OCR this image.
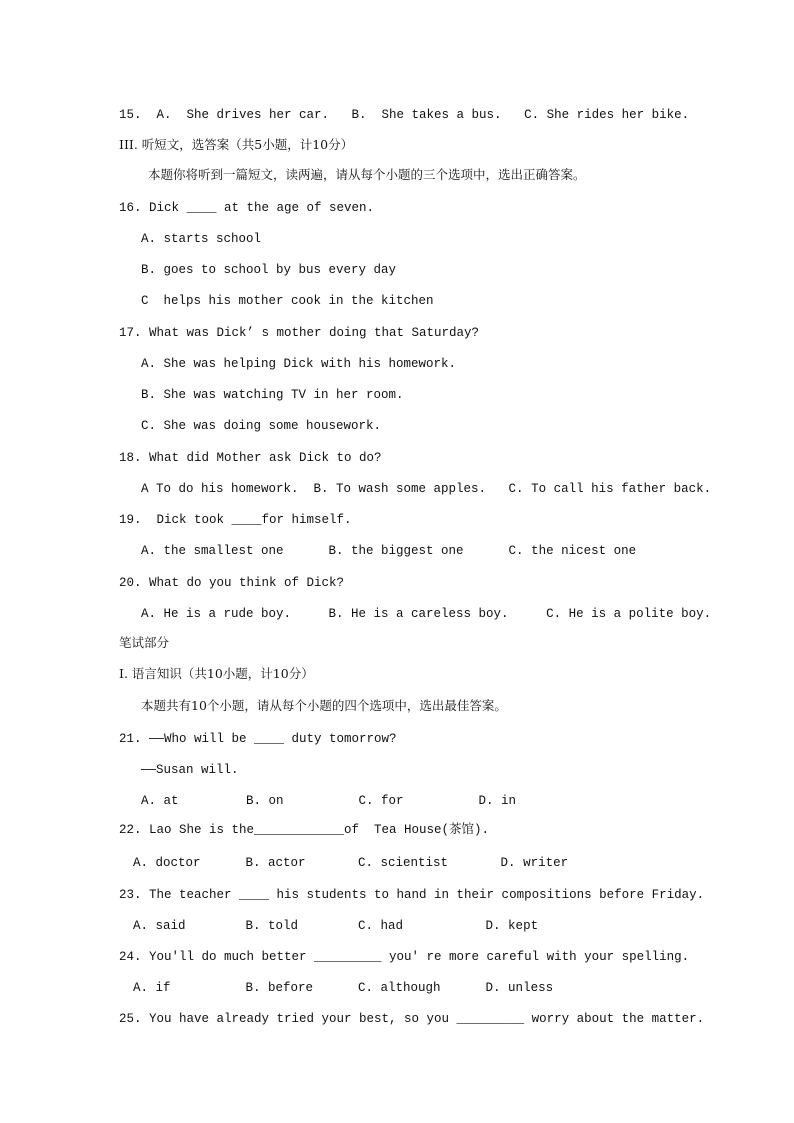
15.  A.  She drives her car.   B.  She takes a bus.   C. She rides her bike.
III. 听短文，选答案（共5小题，计10分）
本题你将听到一篇短文，读两遍，请从每个小题的三个选项中，选出正确答案。
16. Dick ____ at the age of seven.
A. starts school
B. goes to school by bus every day
C  helps his mother cook in the kitchen
17. What was Dick’ s mother doing that Saturday?
A. She was helping Dick with his homework.
B. She was watching TV in her room.
C. She was doing some housework.
18. What did Mother ask Dick to do?
A To do his homework.  B. To wash some apples.   C. To call his father back.
19.  Dick took ____for himself.
A. the smallest one      B. the biggest one      C. the nicest one
20. What do you think of Dick?
A. He is a rude boy.     B. He is a careless boy.     C. He is a polite boy.
笔试部分
I. 语言知识（共10小题，计10分）
本题共有10个小题，请从每个小题的四个选项中，选出最佳答案。
21. ——Who will be ____ duty tomorrow?
——Susan will.
A. at         B. on          C. for          D. in
22. Lao She is the____________of  Tea House(茶馆).
A. doctor      B. actor       C. scientist       D. writer
23. The teacher ____ his students to hand in their compositions before Friday.
A. said        B. told        C. had           D. kept
24. You'll do much better _________ you' re more careful with your spelling.
A. if          B. before      C. although      D. unless
25. You have already tried your best, so you _________ worry about the matter.
